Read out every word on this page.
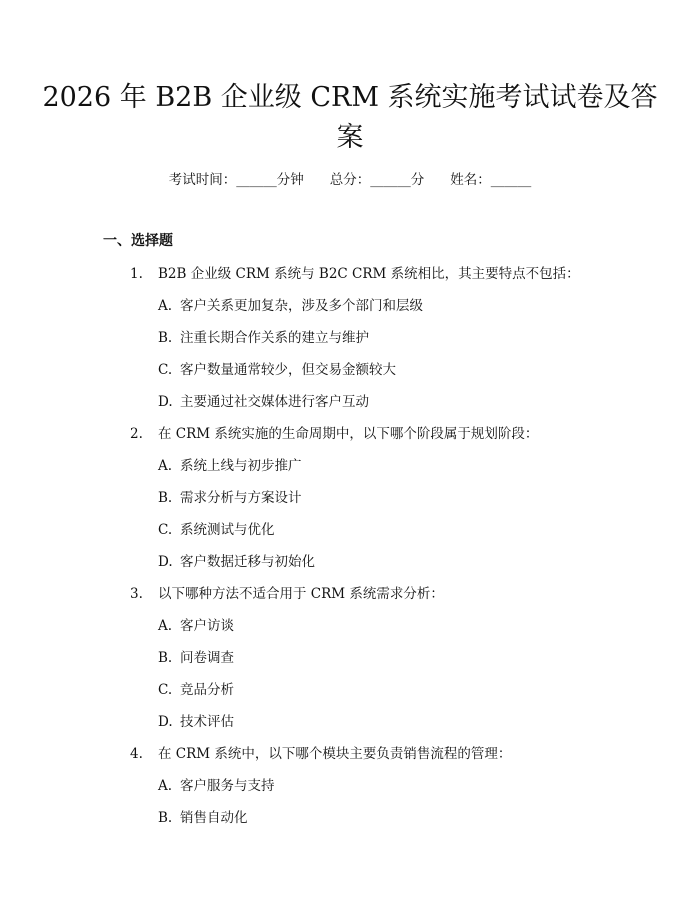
2026 年 B2B 企业级 CRM 系统实施考试试卷及答案
考试时间：______分钟 总分：______分 姓名：______
一、选择题
1. B2B 企业级 CRM 系统与 B2C CRM 系统相比，其主要特点不包括：
A. 客户关系更加复杂，涉及多个部门和层级
B. 注重长期合作关系的建立与维护
C. 客户数量通常较少，但交易金额较大
D. 主要通过社交媒体进行客户互动
2. 在 CRM 系统实施的生命周期中，以下哪个阶段属于规划阶段：
A. 系统上线与初步推广
B. 需求分析与方案设计
C. 系统测试与优化
D. 客户数据迁移与初始化
3. 以下哪种方法不适合用于 CRM 系统需求分析：
A. 客户访谈
B. 问卷调查
C. 竞品分析
D. 技术评估
4. 在 CRM 系统中，以下哪个模块主要负责销售流程的管理：
A. 客户服务与支持
B. 销售自动化
